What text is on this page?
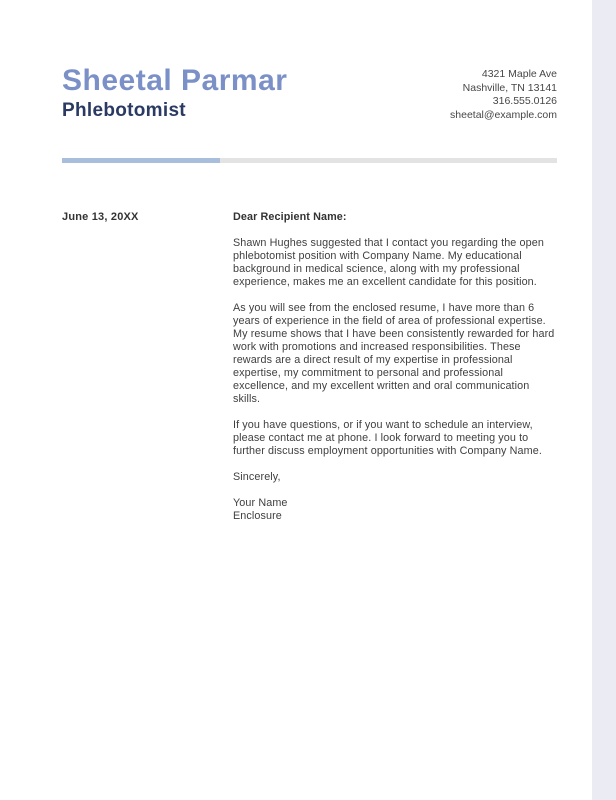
Sheetal Parmar
Phlebotomist
4321 Maple Ave
Nashville, TN 13141
316.555.0126
sheetal@example.com
June 13, 20XX	Dear Recipient Name:

Shawn Hughes suggested that I contact you regarding the open phlebotomist position with Company Name. My educational background in medical science, along with my professional experience, makes me an excellent candidate for this position.

As you will see from the enclosed resume, I have more than 6 years of experience in the field of area of professional expertise. My resume shows that I have been consistently rewarded for hard work with promotions and increased responsibilities. These rewards are a direct result of my expertise in professional expertise, my commitment to personal and professional excellence, and my excellent written and oral communication skills.

If you have questions, or if you want to schedule an interview, please contact me at phone. I look forward to meeting you to further discuss employment opportunities with Company Name.

Sincerely,

Your Name

Enclosure
